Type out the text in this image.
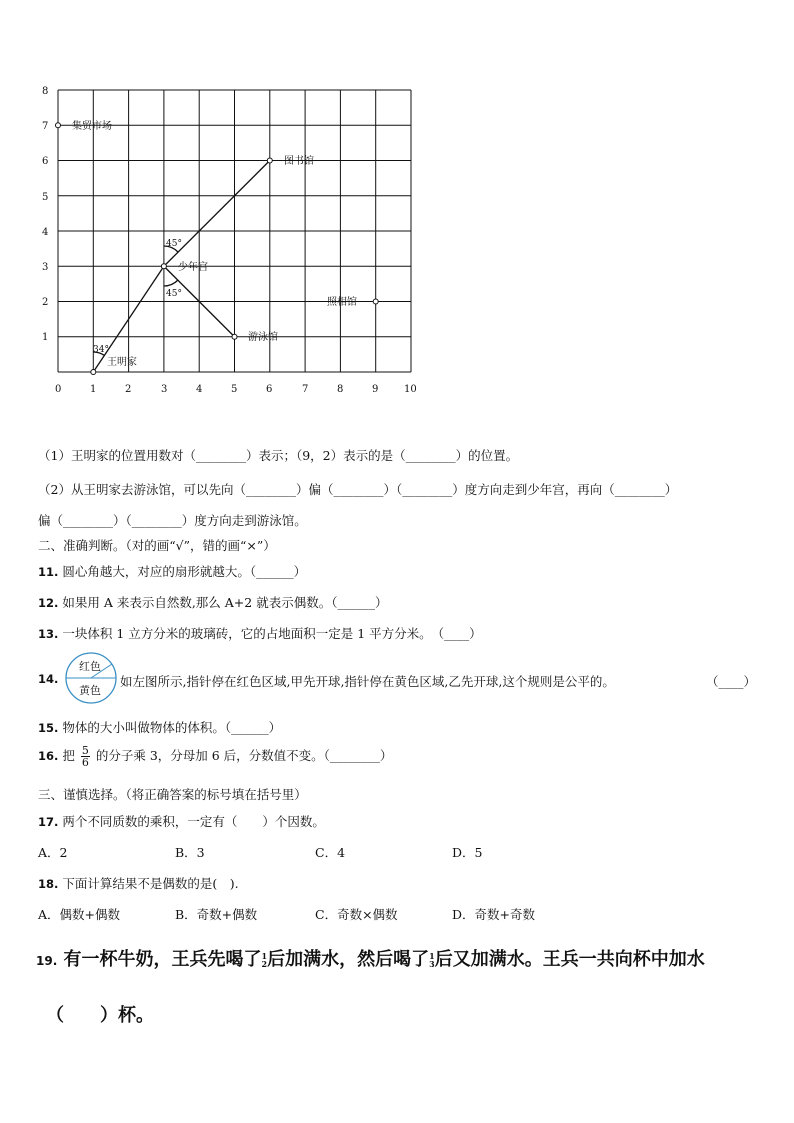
8
7
6
5
4
3
2
1
0	1	2	3	4	5	6	7	8	9	10
集贸市场
图书馆
少年宫
照相馆
游泳馆
王明家
45°
45°
34°
（1）王明家的位置用数对（________）表示；（9，2）表示的是（________）的位置。
（2）从王明家去游泳馆，可以先向（________）偏（________）（________）度方向走到少年宫，再向（________）
偏（________）（________）度方向走到游泳馆。
二、准确判断。（对的画“√”，错的画“×”）
11. 圆心角越大，对应的扇形就越大。（______）
12. 如果用 A 来表示自然数,那么 A+2 就表示偶数。（______）
13. 一块体积 1 立方分米的玻璃砖，它的占地面积一定是 1 平方分米。　（____）
14.
红色
黄色
如左图所示,指针停在红色区域,甲先开球,指针停在黄色区域,乙先开球,这个规则是公平的。	（____）
15. 物体的大小叫做物体的体积。（______）
16. 把 $\frac{5}{6}$ 的分子乘 3，分母加 6 后，分数值不变。（________）
三、谨慎选择。（将正确答案的标号填在括号里）
17. 两个不同质数的乘积，一定有（　　）个因数。
A．2	B．3	C．4	D．5
18. 下面计算结果不是偶数的是(　).
A．偶数+偶数	B．奇数+偶数	C．奇数×偶数	D．奇数+奇数
19. 有一杯牛奶，王兵先喝了 1
2 后加满水，然后喝了 1
3 后又加满水。王兵一共向杯中加水
（　　）杯。
